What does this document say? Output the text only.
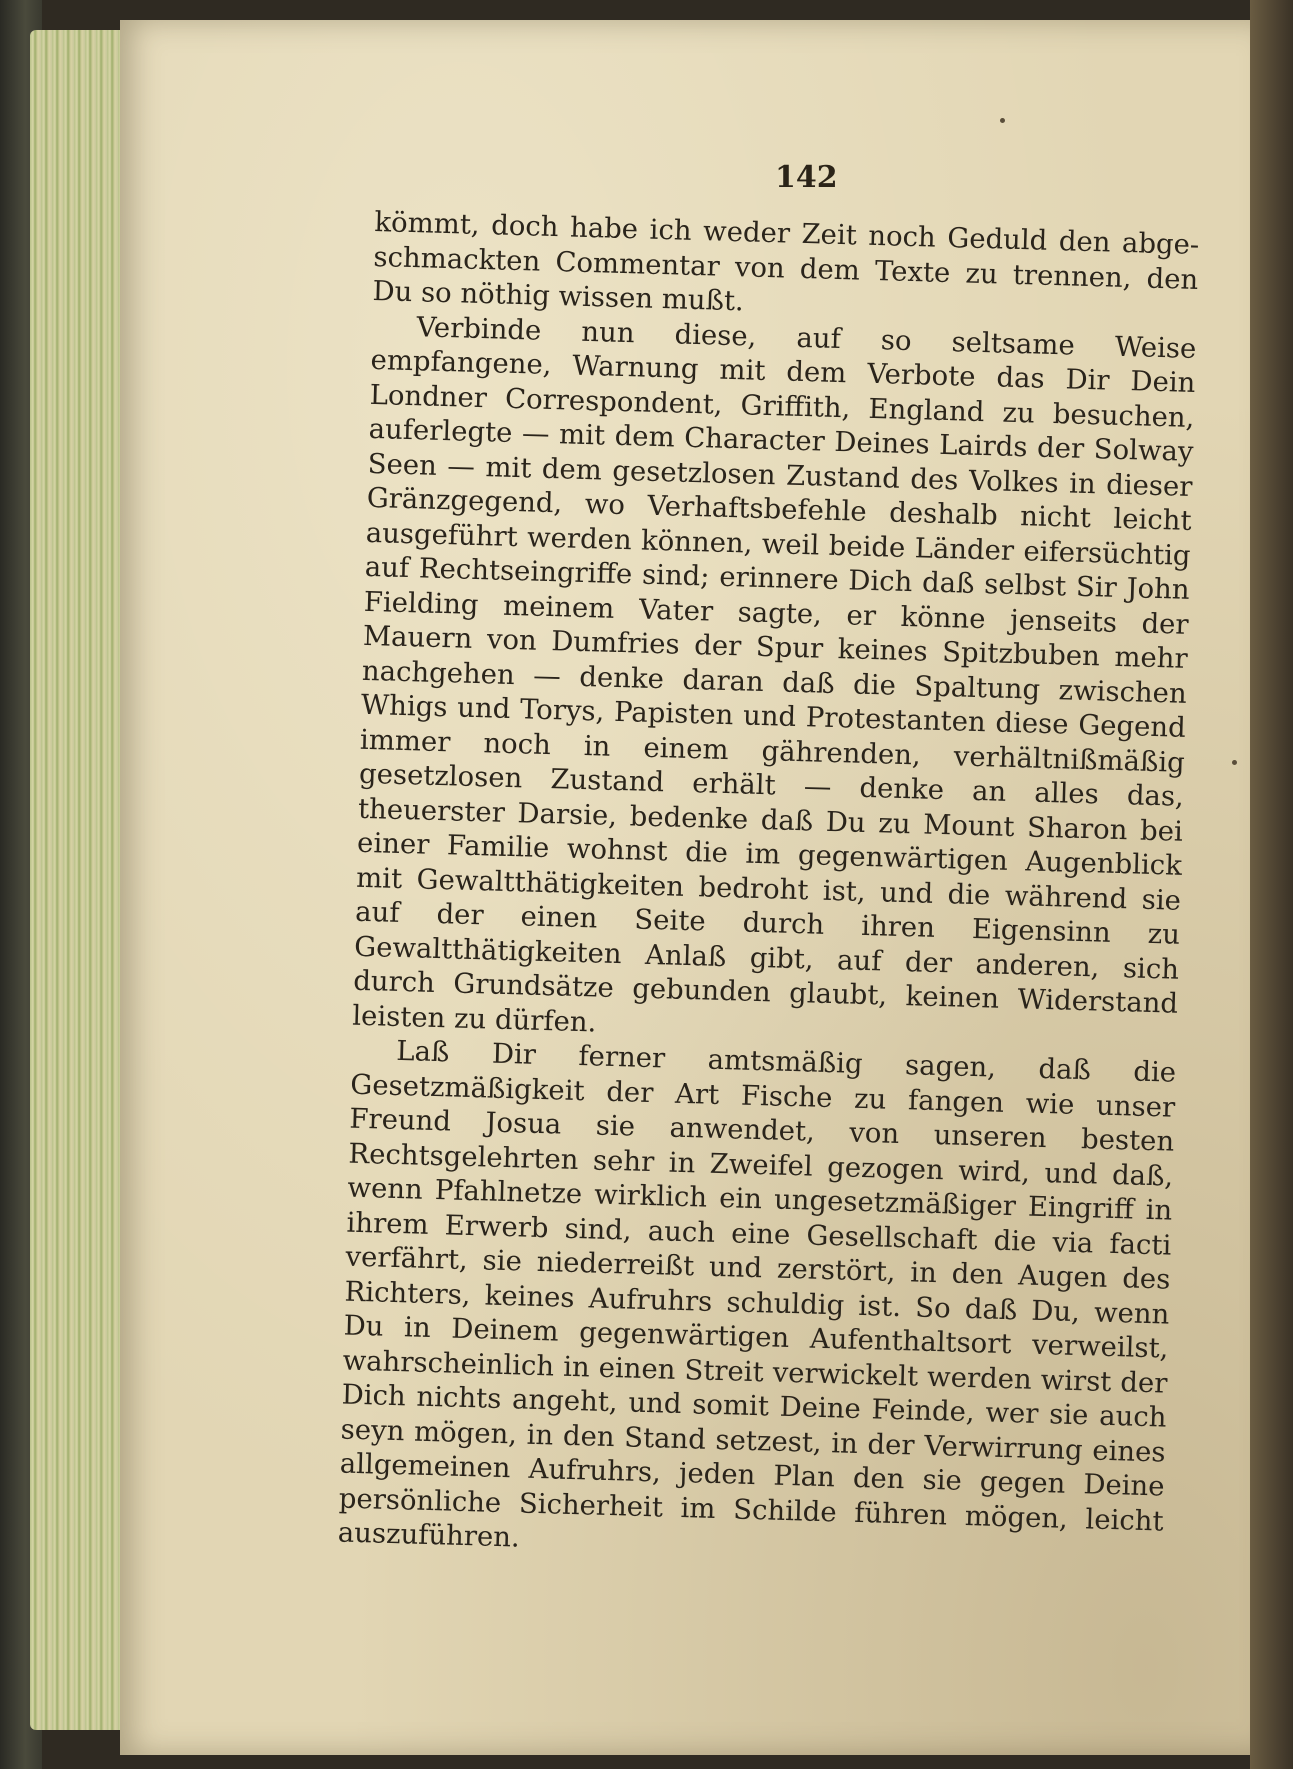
142

kömmt, doch habe ich weder Zeit noch Geduld den abge-schmackten Commentar von dem Texte zu trennen, den Du so nöthig wissen mußt.

Verbinde nun diese, auf so seltsame Weise empfangene, Warnung mit dem Verbote das Dir Dein Londner Correspondent, Griffith, England zu besuchen, auferlegte — mit dem Character Deines Lairds der Solway Seen — mit dem gesetzlosen Zustand des Volkes in dieser Gränzgegend, wo Verhaftsbefehle deshalb nicht leicht ausgeführt werden können, weil beide Länder eifersüchtig auf Rechtseingriffe sind; erinnere Dich daß selbst Sir John Fielding meinem Vater sagte, er könne jenseits der Mauern von Dumfries der Spur keines Spitzbuben mehr nachgehen — denke daran daß die Spaltung zwischen Whigs und Torys, Papisten und Protestanten diese Gegend immer noch in einem gährenden, verhältnißmäßig gesetzlosen Zustand erhält — denke an alles das, theuerster Darsie, bedenke daß Du zu Mount Sharon bei einer Familie wohnst die im gegenwärtigen Augenblick mit Gewaltthätigkeiten bedroht ist, und die während sie auf der einen Seite durch ihren Eigensinn zu Gewaltthätigkeiten Anlaß gibt, auf der anderen, sich durch Grundsätze gebunden glaubt, keinen Widerstand leisten zu dürfen.

Laß Dir ferner amtsmäßig sagen, daß die Gesetzmäßigkeit der Art Fische zu fangen wie unser Freund Josua sie anwendet, von unseren besten Rechtsgelehrten sehr in Zweifel gezogen wird, und daß, wenn Pfahlnetze wirklich ein ungesetzmäßiger Eingriff in ihrem Erwerb sind, auch eine Gesellschaft die via facti verfährt, sie niederreißt und zerstört, in den Augen des Richters, keines Aufruhrs schuldig ist. So daß Du, wenn Du in Deinem gegenwärtigen Aufenthaltsort verweilst, wahrscheinlich in einen Streit verwickelt werden wirst der Dich nichts angeht, und somit Deine Feinde, wer sie auch seyn mögen, in den Stand setzest, in der Verwirrung eines allgemeinen Aufruhrs, jeden Plan den sie gegen Deine persönliche Sicherheit im Schilde führen mögen, leicht auszuführen.
